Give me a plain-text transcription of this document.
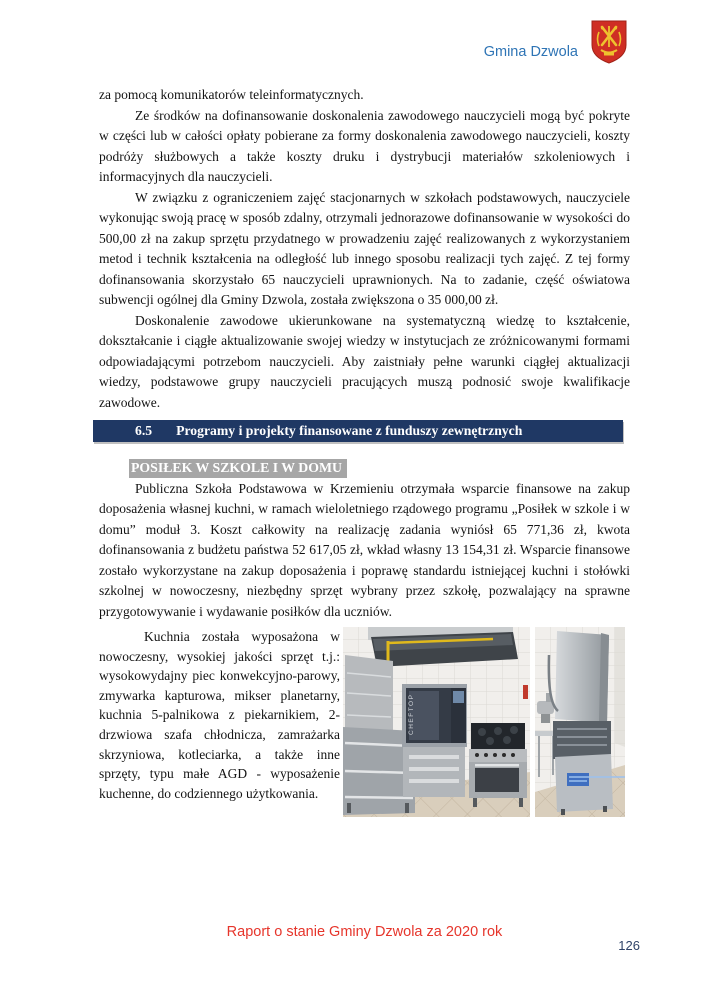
Gmina Dzwola

za pomocą komunikatorów teleinformatycznych.

Ze środków na dofinansowanie doskonalenia zawodowego nauczycieli mogą być pokryte w części lub w całości opłaty pobierane za formy doskonalenia zawodowego nauczycieli, koszty podróży służbowych a także koszty druku i dystrybucji materiałów szkoleniowych i informacyjnych dla nauczycieli.

W związku z ograniczeniem zajęć stacjonarnych w szkołach podstawowych, nauczyciele wykonując swoją pracę w sposób zdalny, otrzymali jednorazowe dofinansowanie w wysokości do 500,00 zł na zakup sprzętu przydatnego w prowadzeniu zajęć realizowanych z wykorzystaniem metod i technik kształcenia na odległość lub innego sposobu realizacji tych zajęć. Z tej formy dofinansowania skorzystało 65 nauczycieli uprawnionych. Na to zadanie, część oświatowa subwencji ogólnej dla Gminy Dzwola, została zwiększona o 35 000,00 zł.

Doskonalenie zawodowe ukierunkowane na systematyczną wiedzę to kształcenie, dokształcanie i ciągłe aktualizowanie swojej wiedzy w instytucjach ze zróżnicowanymi formami odpowiadającymi potrzebom nauczycieli. Aby zaistniały pełne warunki ciągłej aktualizacji wiedzy, podstawowe grupy nauczycieli pracujących muszą podnosić swoje kwalifikacje zawodowe.

6.5 Programy i projekty finansowane z funduszy zewnętrznych
POSIŁEK W SZKOLE I W DOMU

Publiczna Szkoła Podstawowa w Krzemieniu otrzymała wsparcie finansowe na zakup doposażenia własnej kuchni, w ramach wieloletniego rządowego programu „Posiłek w szkole i w domu” moduł 3. Koszt całkowity na realizację zadania wyniósł 65 771,36 zł, kwota dofinansowania z budżetu państwa 52 617,05 zł, wkład własny 13 154,31 zł. Wsparcie finansowe zostało wykorzystane na zakup doposażenia i poprawę standardu istniejącej kuchni i stołówki szkolnej w nowoczesny, niezbędny sprzęt wybrany przez szkołę, pozwalający na sprawne przygotowywanie i wydawanie posiłków dla uczniów.

Kuchnia została wyposażona w nowoczesny, wysokiej jakości sprzęt t.j.: wysokowydajny piec konwekcyjno-parowy, zmywarka kapturowa, mikser planetarny, kuchnia 5-palnikowa z piekarnikiem, 2-drzwiowa szafa chłodnicza, zamrażarka skrzyniowa, kotleciarka, a także inne sprzęty, typu małe AGD - wyposażenie kuchenne, do codziennego użytkowania.

CHEFTOP
Raport o stanie Gminy Dzwola za 2020 rok
126
